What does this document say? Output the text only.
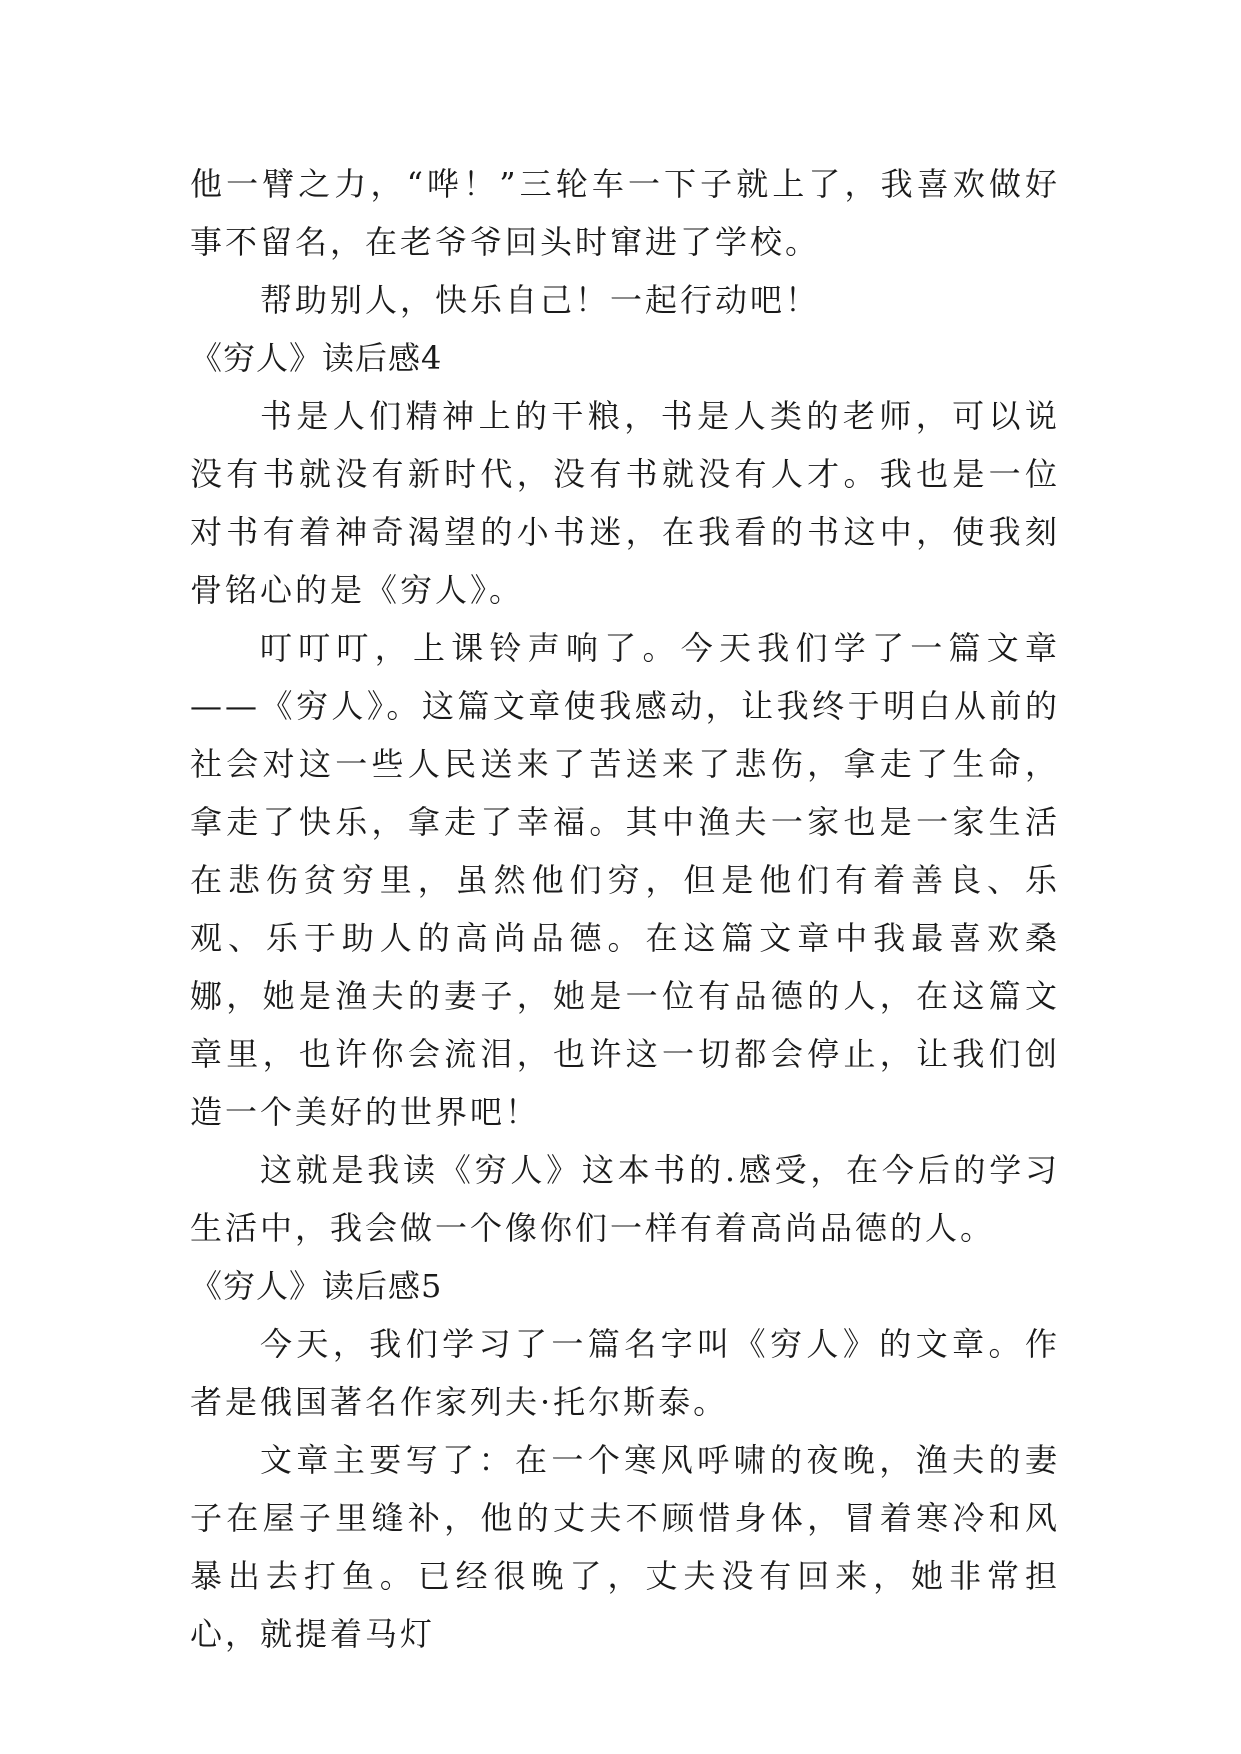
他一臂之力，“哗！”三轮车一下子就上了，我喜欢做好事不留名，在老爷爷回头时窜进了学校。

帮助别人，快乐自己！一起行动吧！

《穷人》读后感4

书是人们精神上的干粮，书是人类的老师，可以说没有书就没有新时代，没有书就没有人才。我也是一位对书有着神奇渴望的小书迷，在我看的书这中，使我刻骨铭心的是《穷人》。

叮叮叮，上课铃声响了。今天我们学了一篇文章——《穷人》。这篇文章使我感动，让我终于明白从前的社会对这一些人民送来了苦送来了悲伤，拿走了生命，拿走了快乐，拿走了幸福。其中渔夫一家也是一家生活在悲伤贫穷里，虽然他们穷，但是他们有着善良、乐观、乐于助人的高尚品德。在这篇文章中我最喜欢桑娜，她是渔夫的妻子，她是一位有品德的人，在这篇文章里，也许你会流泪，也许这一切都会停止，让我们创造一个美好的世界吧！

这就是我读《穷人》这本书的.感受，在今后的学习生活中，我会做一个像你们一样有着高尚品德的人。

《穷人》读后感5

今天，我们学习了一篇名字叫《穷人》的文章。作者是俄国著名作家列夫·托尔斯泰。

文章主要写了：在一个寒风呼啸的夜晚，渔夫的妻子在屋子里缝补，他的丈夫不顾惜身体，冒着寒冷和风暴出去打鱼。已经很晚了，丈夫没有回来，她非常担心，就提着马灯
